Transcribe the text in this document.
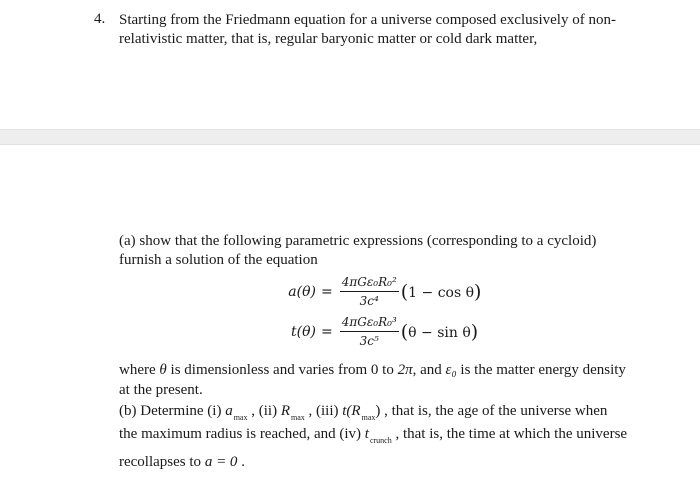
4. Starting from the Friedmann equation for a universe composed exclusively of non-relativistic matter, that is, regular baryonic matter or cold dark matter,
(a) show that the following parametric expressions (corresponding to a cycloid) furnish a solution of the equation
$a(\theta) = \frac{\text{4πGε₀R₀²}}{\text{3c⁴}} (1 - \cos \theta)$
$t(\theta) = \frac{\text{4πGε₀R₀³}}{\text{3c⁵}} (\theta - \sin \theta)$
where θ is dimensionless and varies from 0 to 2π, and ε₀ is the matter energy density at the present.
(b) Determine (i) $a_{max}$ , (ii) $R_{max}$ , (iii) $t(R_{max})$ , that is, the age of the universe when
the maximum radius is reached, and (iv) $t_{crunch}$ , that is, the time at which the universe
recollapses to a = 0 .
